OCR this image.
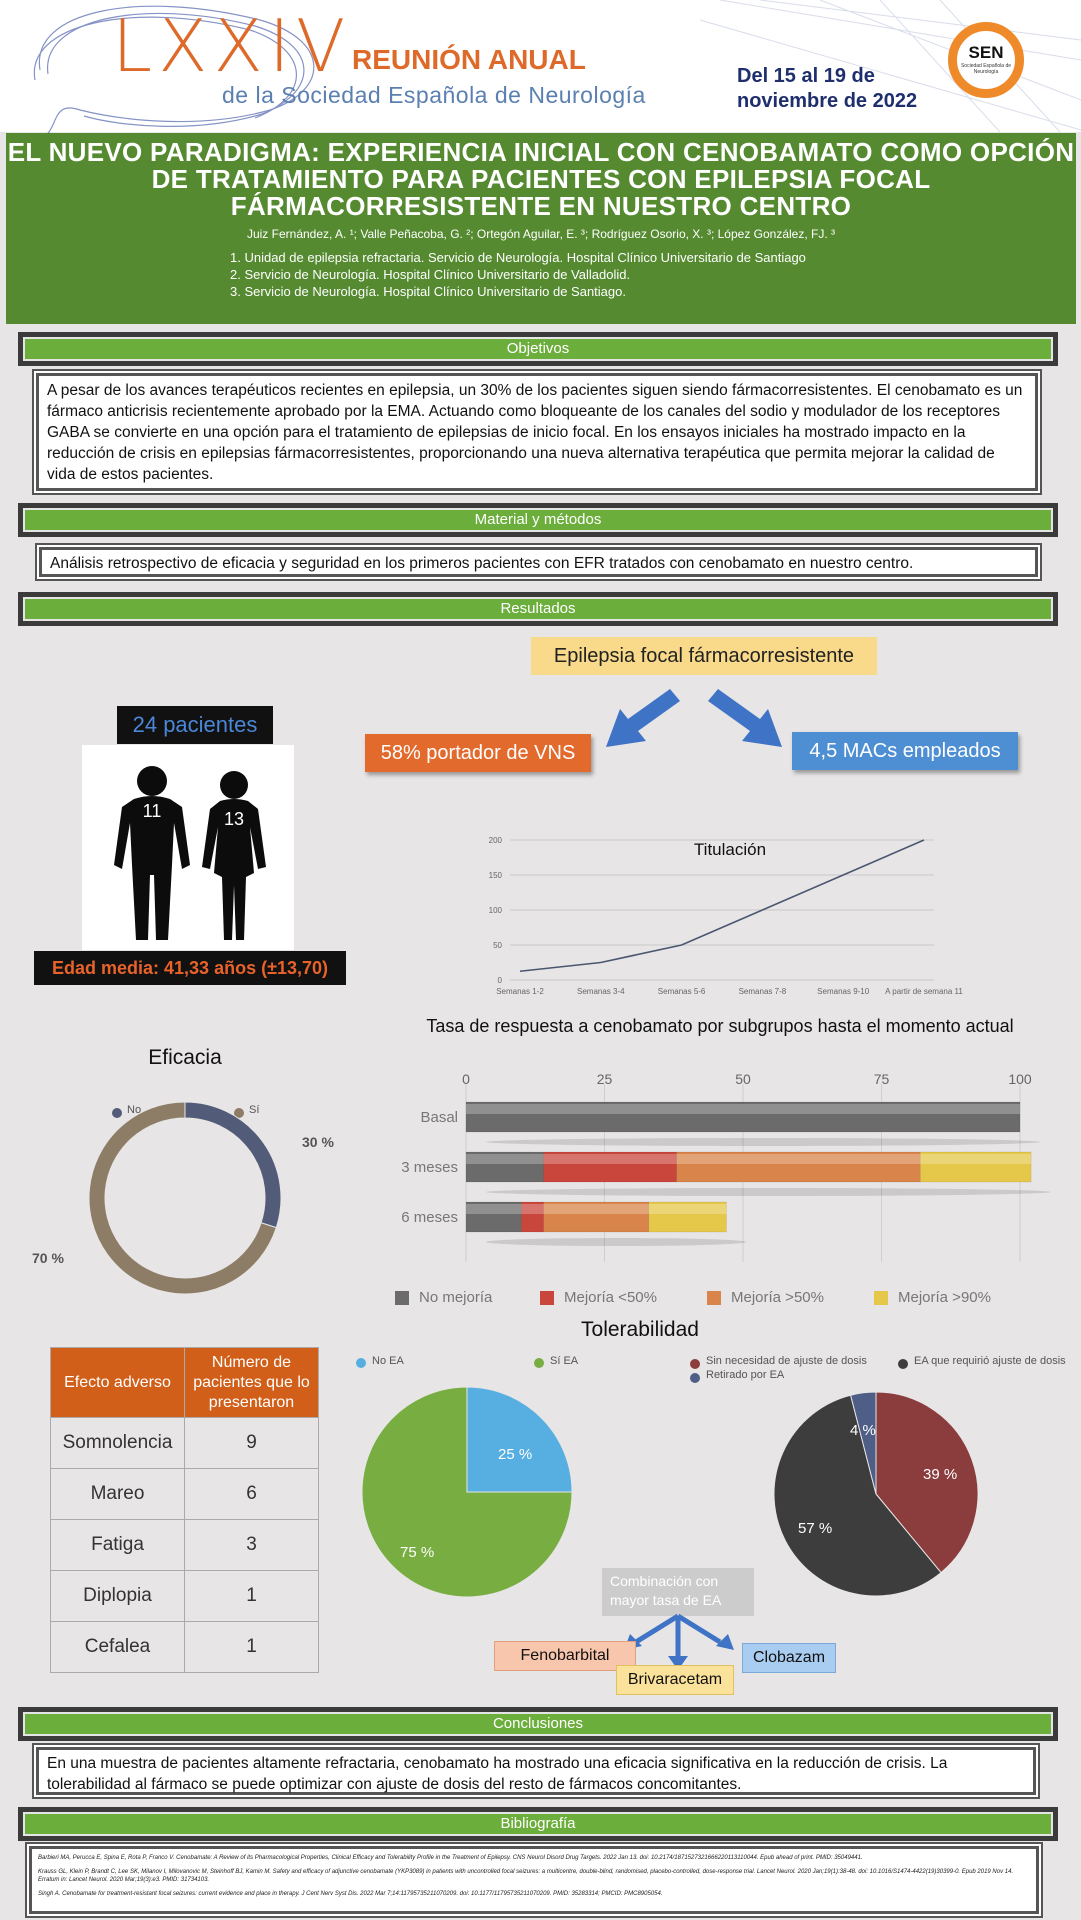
LXXIV REUNIÓN ANUAL
de la Sociedad Española de Neurología
Del 15 al 19 de noviembre de 2022
SEN
Sociedad Española de Neurología
EL NUEVO PARADIGMA: EXPERIENCIA INICIAL CON CENOBAMATO COMO OPCIÓN DE TRATAMIENTO PARA PACIENTES CON EPILEPSIA FOCAL FÁRMACORRESISTENTE EN NUESTRO CENTRO
Juiz Fernández, A. ¹; Valle Peñacoba, G. ²; Ortegón Aguilar, E. ³; Rodríguez Osorio, X. ³; López González, FJ. ³
1. Unidad de epilepsia refractaria. Servicio de Neurología. Hospital Clínico Universitario de Santiago
2. Servicio de Neurología. Hospital Clínico Universitario de Valladolid.
3. Servicio de Neurología. Hospital Clínico Universitario de Santiago.
Objetivos
A pesar de los avances terapéuticos recientes en epilepsia, un 30% de los pacientes siguen siendo fármacorresistentes. El cenobamato es un fármaco anticrisis recientemente aprobado por la EMA. Actuando como bloqueante de los canales del sodio y modulador de los receptores GABA se convierte en una opción para el tratamiento de epilepsias de inicio focal. En los ensayos iniciales ha mostrado impacto en la reducción de crisis en epilepsias fármacorresistentes, proporcionando una nueva alternativa terapéutica que permita mejorar la calidad de vida de estos pacientes.
Material y métodos
Análisis retrospectivo de eficacia y seguridad en los primeros pacientes con EFR tratados con cenobamato en nuestro centro.
Resultados
24 pacientes
11	13
Edad media: 41,33 años (±13,70)
Epilepsia focal fármacorresistente
58% portador de VNS	4,5 MACs empleados
0
50
100
150
200
Semanas 1-2	Semanas 3-4	Semanas 5-6	Semanas 7-8	Semanas 9-10 A partir de semana 11
Titulación
Tasa de respuesta a cenobamato por subgrupos hasta el momento actual
0	25	50	75	100
Basal
3 meses
6 meses
No mejoría	Mejoría <50%	Mejoría >50%	Mejoría >90%
Eficacia
No	Sí
30 %
70 %
Tolerabilidad
Efecto adverso	Número de pacientes que lo presentaron
Somnolencia	9
Mareo	6
Fatiga	3
Diplopia	1
Cefalea	1
No EA	Sí EA
25 %
75 %
Sin necesidad de ajuste de dosis	EA que requirió ajuste de dosis
Retirado por EA
39 %
57 %
4 %
Combinación con mayor tasa de EA
Fenobarbital
Brivaracetam
Clobazam
Conclusiones
En una muestra de pacientes altamente refractaria, cenobamato ha mostrado una eficacia significativa en la reducción de crisis. La tolerabilidad al fármaco se puede optimizar con ajuste de dosis del resto de fármacos concomitantes.
Bibliografía
Barbieri MA, Perucca E, Spina E, Rota P, Franco V. Cenobamate: A Review of its Pharmacological Properties, Clinical Efficacy and Tolerability Profile in the Treatment of Epilepsy. CNS Neurol Disord Drug Targets. 2022 Jan 13. doi: 10.2174/1871527321666220113110044. Epub ahead of print. PMID: 35049441.
Krauss GL, Klein P, Brandt C, Lee SK, Milanov I, Milovanovic M, Steinhoff BJ, Kamin M. Safety and efficacy of adjunctive cenobamate (YKP3089) in patients with uncontrolled focal seizures: a multicentre, double-blind, randomised, placebo-controlled, dose-response trial. Lancet Neurol. 2020 Jan;19(1):38-48. doi: 10.1016/S1474-4422(19)30399-0. Epub 2019 Nov 14. Erratum in: Lancet Neurol. 2020 Mar;19(3):e3. PMID: 31734103.
Singh A. Cenobamate for treatment-resistant focal seizures: current evidence and place in therapy. J Cent Nerv Syst Dis. 2022 Mar 7;14:11795735211070209. doi: 10.1177/11795735211070209. PMID: 35283314; PMCID: PMC8905054.
